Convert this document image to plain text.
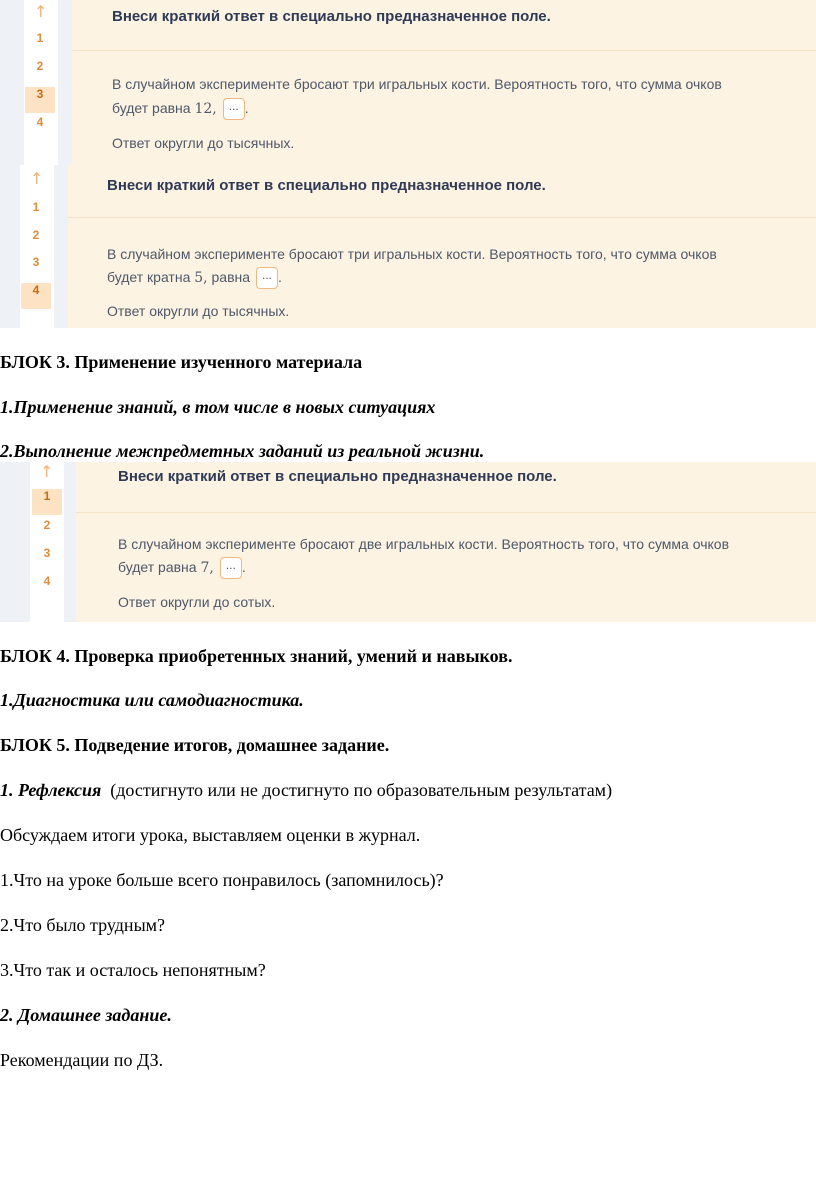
↑
1
2
3
4
Внеси краткий ответ в специально предназначенное поле.
В случайном эксперименте бросают три игральных кости. Вероятность того, что сумма очков
будет равна 12, ... .
Ответ округли до тысячных.
↑
1
2
3
4
Внеси краткий ответ в специально предназначенное поле.
В случайном эксперименте бросают три игральных кости. Вероятность того, что сумма очков
будет кратна 5, равна ... .
Ответ округли до тысячных.
БЛОК 3. Применение изученного материала
1.Применение знаний, в том числе в новых ситуациях
2.Выполнение межпредметных заданий из реальной жизни.
↑
1
2
3
4
Внеси краткий ответ в специально предназначенное поле.
В случайном эксперименте бросают две игральных кости. Вероятность того, что сумма очков
будет равна 7, ... .
Ответ округли до сотых.
БЛОК 4. Проверка приобретенных знаний, умений и навыков.
1.Диагностика или самодиагностика.
БЛОК 5. Подведение итогов, домашнее задание.
1. Рефлексия  (достигнуто или не достигнуто по образовательным результатам)
Обсуждаем итоги урока, выставляем оценки в журнал.
1.Что на уроке больше всего понравилось (запомнилось)?
2.Что было трудным?
3.Что так и осталось непонятным?
2. Домашнее задание.
Рекомендации по ДЗ.
